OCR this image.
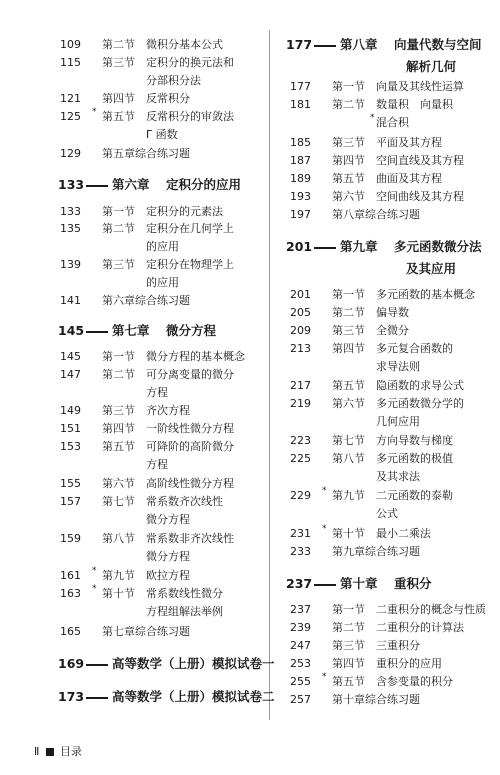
109 第二节 微积分基本公式
115 第三节 定积分的换元法和
分部积分法
121 第四节 反常积分
125 * 第五节 反常积分的审敛法
Γ 函数
129 第五章综合练习题
133 第六章 定积分的应用
133 第一节 定积分的元素法
135 第二节 定积分在几何学上
的应用
139 第三节 定积分在物理学上
的应用
141 第六章综合练习题
145 第七章 微分方程
145 第一节 微分方程的基本概念
147 第二节 可分离变量的微分
方程
149 第三节 齐次方程
151 第四节 一阶线性微分方程
153 第五节 可降阶的高阶微分
方程
155 第六节 高阶线性微分方程
157 第七节 常系数齐次线性
微分方程
159 第八节 常系数非齐次线性
微分方程
161 * 第九节 欧拉方程
163 * 第十节 常系数线性微分
方程组解法举例
165 第七章综合练习题
169 高等数学（上册）模拟试卷一
173 高等数学（上册）模拟试卷二
177 第八章 向量代数与空间
解析几何
177 第一节 向量及其线性运算
181 第二节 数量积　向量积
* 混合积
185 第三节 平面及其方程
187 第四节 空间直线及其方程
189 第五节 曲面及其方程
193 第六节 空间曲线及其方程
197 第八章综合练习题
201 第九章 多元函数微分法
及其应用
201 第一节 多元函数的基本概念
205 第二节 偏导数
209 第三节 全微分
213 第四节 多元复合函数的
求导法则
217 第五节 隐函数的求导公式
219 第六节 多元函数微分学的
几何应用
223 第七节 方向导数与梯度
225 第八节 多元函数的极值
及其求法
229 * 第九节 二元函数的泰勒
公式
231 * 第十节 最小二乘法
233 第九章综合练习题
237 第十章 重积分
237 第一节 二重积分的概念与性质
239 第二节 二重积分的计算法
247 第三节 三重积分
253 第四节 重积分的应用
255 * 第五节 含参变量的积分
257 第十章综合练习题
Ⅱ 目录
